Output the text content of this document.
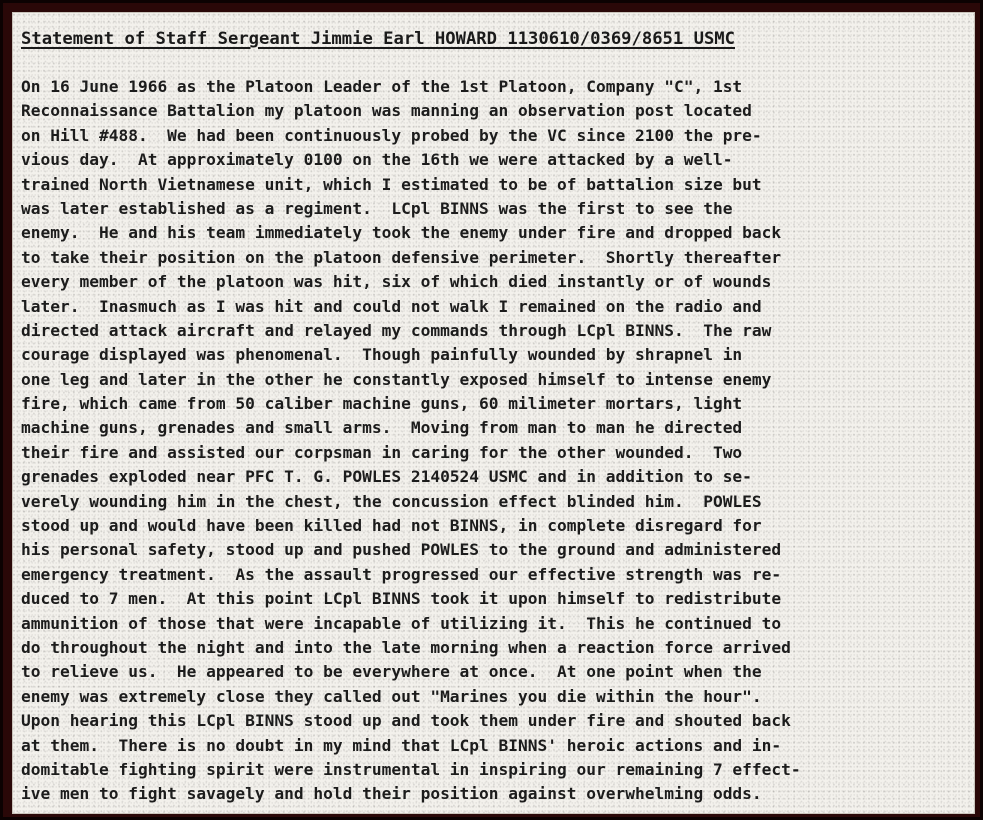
Statement of Staff Sergeant Jimmie Earl HOWARD 1130610/0369/8651 USMC
On 16 June 1966 as the Platoon Leader of the 1st Platoon, Company "C", 1st
Reconnaissance Battalion my platoon was manning an observation post located
on Hill #488.  We had been continuously probed by the VC since 2100 the pre-
vious day.  At approximately 0100 on the 16th we were attacked by a well-
trained North Vietnamese unit, which I estimated to be of battalion size but
was later established as a regiment.  LCpl BINNS was the first to see the
enemy.  He and his team immediately took the enemy under fire and dropped back
to take their position on the platoon defensive perimeter.  Shortly thereafter
every member of the platoon was hit, six of which died instantly or of wounds
later.  Inasmuch as I was hit and could not walk I remained on the radio and
directed attack aircraft and relayed my commands through LCpl BINNS.  The raw
courage displayed was phenomenal.  Though painfully wounded by shrapnel in
one leg and later in the other he constantly exposed himself to intense enemy
fire, which came from 50 caliber machine guns, 60 milimeter mortars, light
machine guns, grenades and small arms.  Moving from man to man he directed
their fire and assisted our corpsman in caring for the other wounded.  Two
grenades exploded near PFC T. G. POWLES 2140524 USMC and in addition to se-
verely wounding him in the chest, the concussion effect blinded him.  POWLES
stood up and would have been killed had not BINNS, in complete disregard for
his personal safety, stood up and pushed POWLES to the ground and administered
emergency treatment.  As the assault progressed our effective strength was re-
duced to 7 men.  At this point LCpl BINNS took it upon himself to redistribute
ammunition of those that were incapable of utilizing it.  This he continued to
do throughout the night and into the late morning when a reaction force arrived
to relieve us.  He appeared to be everywhere at once.  At one point when the
enemy was extremely close they called out "Marines you die within the hour".
Upon hearing this LCpl BINNS stood up and took them under fire and shouted back
at them.  There is no doubt in my mind that LCpl BINNS' heroic actions and in-
domitable fighting spirit were instrumental in inspiring our remaining 7 effect-
ive men to fight savagely and hold their position against overwhelming odds.
